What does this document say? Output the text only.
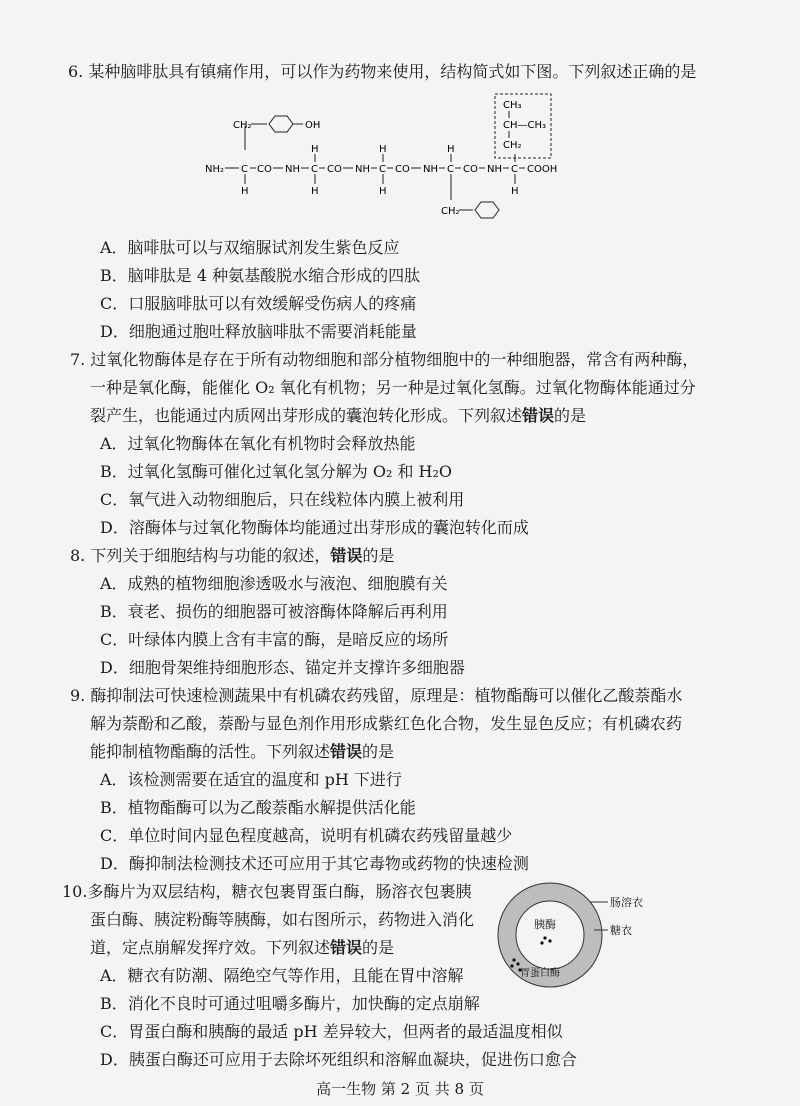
6. 某种脑啡肽具有镇痛作用，可以作为药物来使用，结构简式如下图。下列叙述正确的是
CH₂	OH
NH₂ C CO NH C CO NH C CO NH C CO NH C COOH
H
H
H
H
H
H
H
CH₂
CH₃
CH—CH₃
CH₂
A．脑啡肽可以与双缩脲试剂发生紫色反应
B．脑啡肽是 4 种氨基酸脱水缩合形成的四肽
C．口服脑啡肽可以有效缓解受伤病人的疼痛
D．细胞通过胞吐释放脑啡肽不需要消耗能量
7. 过氧化物酶体是存在于所有动物细胞和部分植物细胞中的一种细胞器，常含有两种酶，
一种是氧化酶，能催化 O₂ 氧化有机物；另一种是过氧化氢酶。过氧化物酶体能通过分
裂产生，也能通过内质网出芽形成的囊泡转化形成。下列叙述错误的是
A．过氧化物酶体在氧化有机物时会释放热能
B．过氧化氢酶可催化过氧化氢分解为 O₂ 和 H₂O
C．氧气进入动物细胞后，只在线粒体内膜上被利用
D．溶酶体与过氧化物酶体均能通过出芽形成的囊泡转化而成
8. 下列关于细胞结构与功能的叙述，错误的是
A．成熟的植物细胞渗透吸水与液泡、细胞膜有关
B．衰老、损伤的细胞器可被溶酶体降解后再利用
C．叶绿体内膜上含有丰富的酶，是暗反应的场所
D．细胞骨架维持细胞形态、锚定并支撑许多细胞器
9. 酶抑制法可快速检测蔬果中有机磷农药残留，原理是：植物酯酶可以催化乙酸萘酯水
解为萘酚和乙酸，萘酚与显色剂作用形成紫红色化合物，发生显色反应；有机磷农药
能抑制植物酯酶的活性。下列叙述错误的是
A．该检测需要在适宜的温度和 pH 下进行
B．植物酯酶可以为乙酸萘酯水解提供活化能
C．单位时间内显色程度越高，说明有机磷农药残留量越少
D．酶抑制法检测技术还可应用于其它毒物或药物的快速检测
10.多酶片为双层结构，糖衣包裹胃蛋白酶，肠溶衣包裹胰
蛋白酶、胰淀粉酶等胰酶，如右图所示，药物进入消化
道，定点崩解发挥疗效。下列叙述错误的是
胰酶
胃蛋白酶
肠溶衣
糖衣
A．糖衣有防潮、隔绝空气等作用，且能在胃中溶解
B．消化不良时可通过咀嚼多酶片，加快酶的定点崩解
C．胃蛋白酶和胰酶的最适 pH 差异较大，但两者的最适温度相似
D．胰蛋白酶还可应用于去除坏死组织和溶解血凝块，促进伤口愈合
高一生物 第 2 页 共 8 页
